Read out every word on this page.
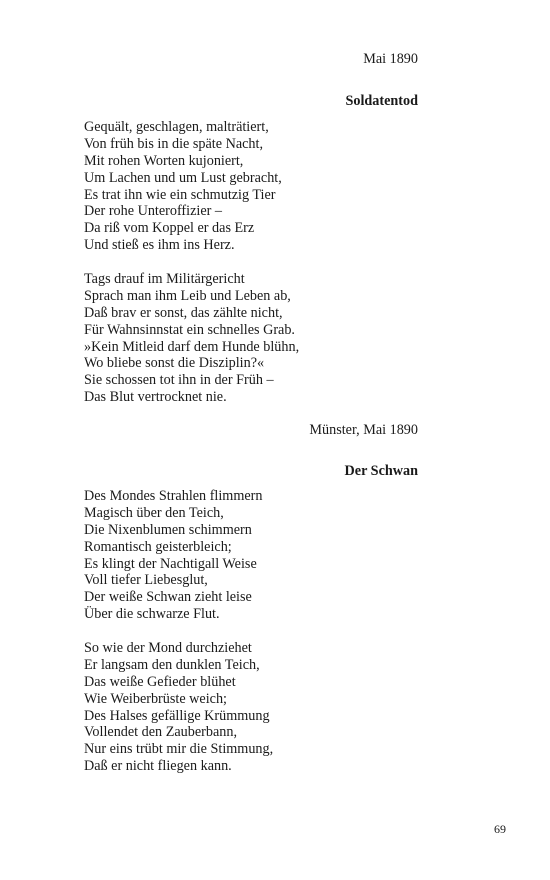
Mai 1890

Soldatentod
Gequält, geschlagen, malträtiert,
Von früh bis in die späte Nacht,
Mit rohen Worten kujoniert,
Um Lachen und um Lust gebracht,
Es trat ihn wie ein schmutzig Tier
Der rohe Unteroffizier –
Da riß vom Koppel er das Erz
Und stieß es ihm ins Herz.
Tags drauf im Militärgericht
Sprach man ihm Leib und Leben ab,
Daß brav er sonst, das zählte nicht,
Für Wahnsinnstat ein schnelles Grab.
»Kein Mitleid darf dem Hunde blühn,
Wo bliebe sonst die Disziplin?«
Sie schossen tot ihn in der Früh –
Das Blut vertrocknet nie.

Münster, Mai 1890

Der Schwan
Des Mondes Strahlen flimmern
Magisch über den Teich,
Die Nixenblumen schimmern
Romantisch geisterbleich;
Es klingt der Nachtigall Weise
Voll tiefer Liebesglut,
Der weiße Schwan zieht leise
Über die schwarze Flut.
So wie der Mond durchziehet
Er langsam den dunklen Teich,
Das weiße Gefieder blühet
Wie Weiberbrüste weich;
Des Halses gefällige Krümmung
Vollendet den Zauberbann,
Nur eins trübt mir die Stimmung,
Daß er nicht fliegen kann.

69
